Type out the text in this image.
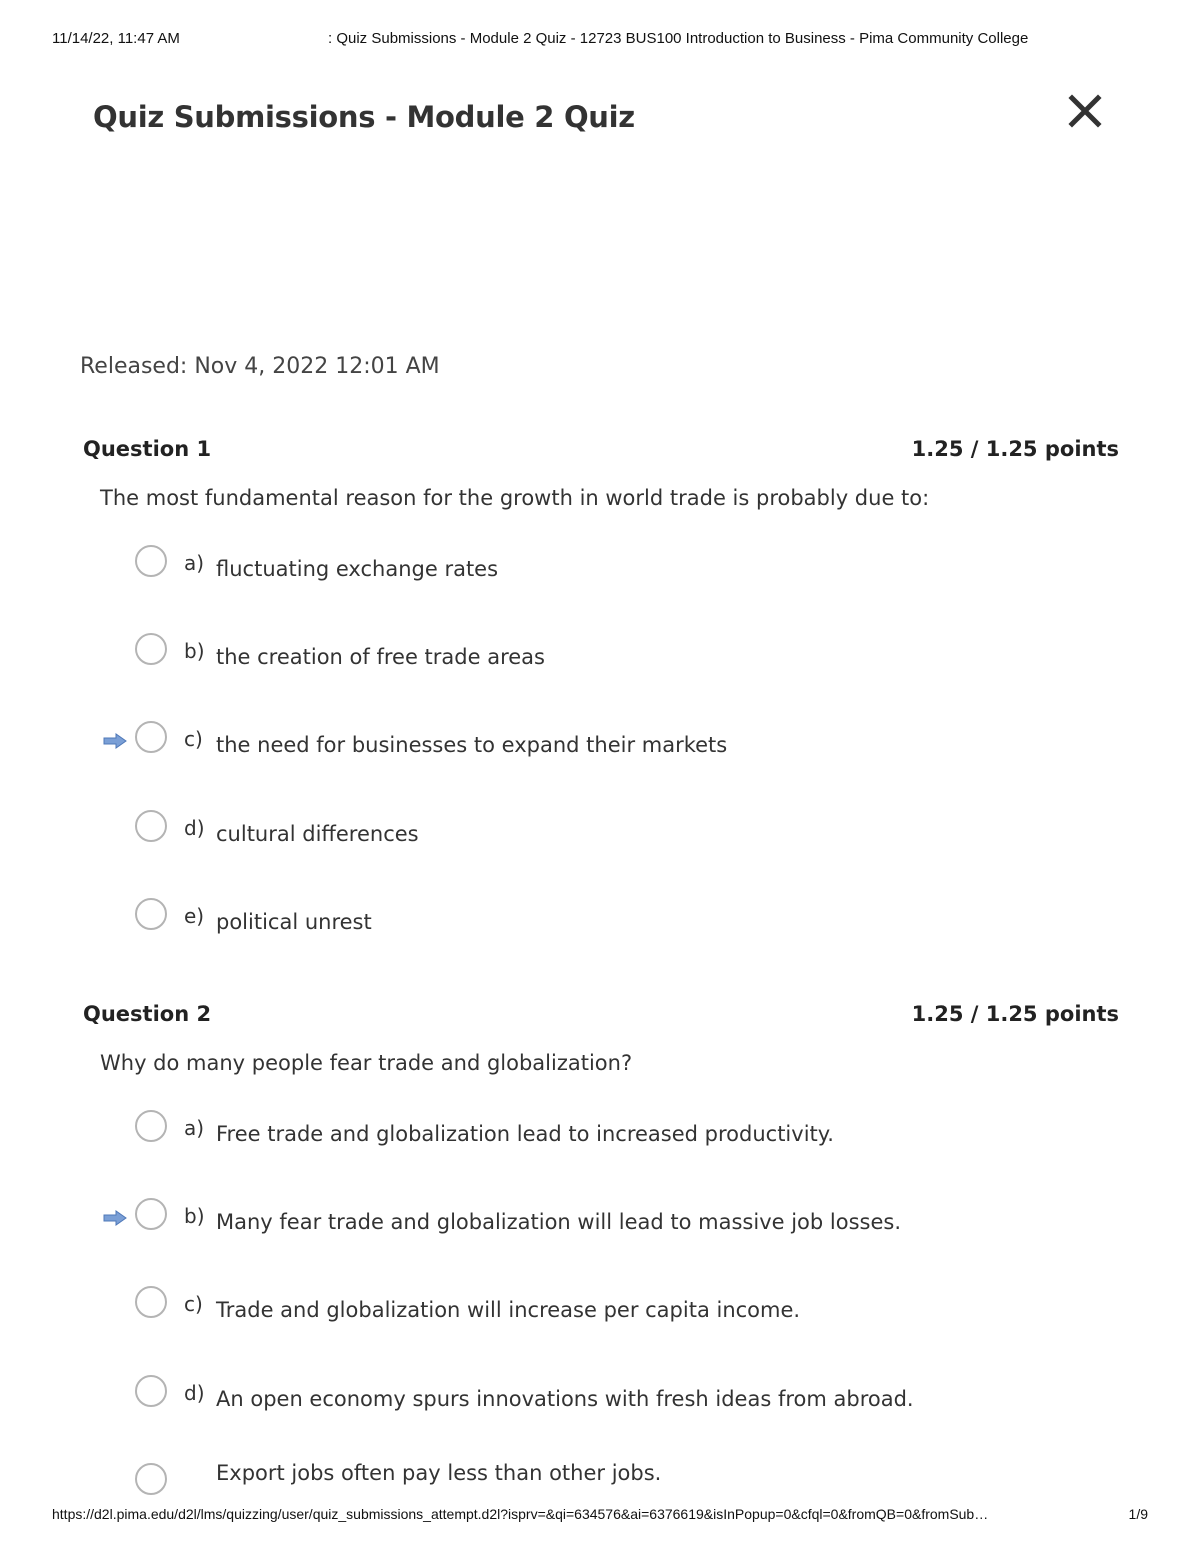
11/14/22, 11:47 AM	: Quiz Submissions - Module 2 Quiz - 12723 BUS100 Introduction to Business - Pima Community College
Quiz Submissions - Module 2 Quiz
Released: Nov 4, 2022 12:01 AM
Question 1	1.25 / 1.25 points
The most fundamental reason for the growth in world trade is probably due to:
a) fluctuating exchange rates
b) the creation of free trade areas
c) the need for businesses to expand their markets
d) cultural differences
e) political unrest
Question 2	1.25 / 1.25 points
Why do many people fear trade and globalization?
a) Free trade and globalization lead to increased productivity.
b) Many fear trade and globalization will lead to massive job losses.
c) Trade and globalization will increase per capita income.
d) An open economy spurs innovations with fresh ideas from abroad.
Export jobs often pay less than other jobs.
https://d2l.pima.edu/d2l/lms/quizzing/user/quiz_submissions_attempt.d2l?isprv=&qi=634576&ai=6376619&isInPopup=0&cfql=0&fromQB=0&fromSub…	1/9
